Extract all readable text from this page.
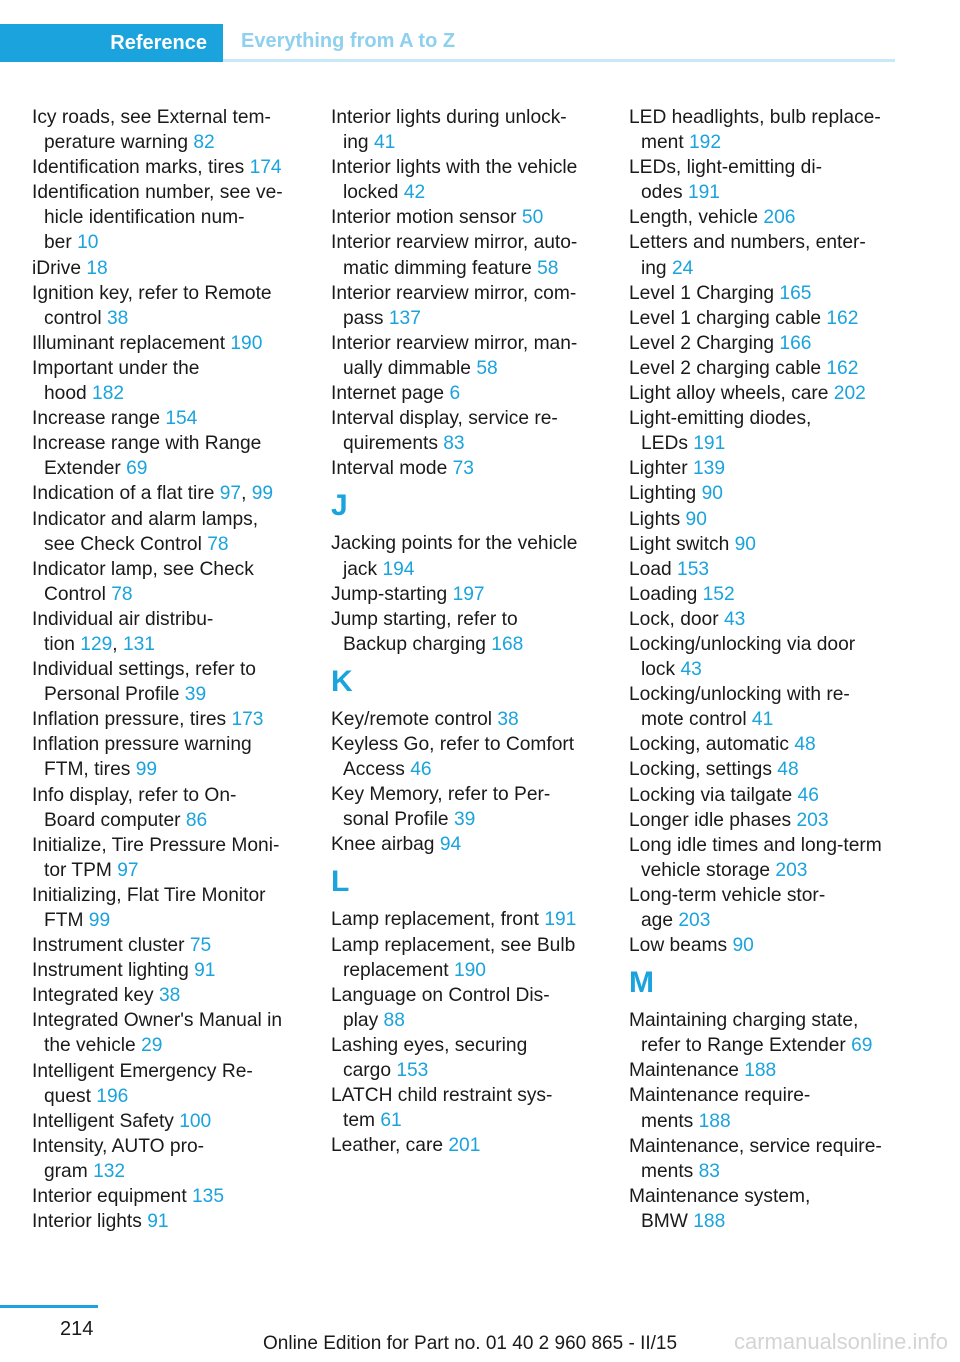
Reference	Everything from A to Z
Icy roads, see External tem-
perature warning 82
Identification marks, tires 174
Identification number, see ve-
hicle identification num-
ber 10
iDrive 18
Ignition key, refer to Remote
control 38
Illuminant replacement 190
Important under the
hood 182
Increase range 154
Increase range with Range
Extender 69
Indication of a flat tire 97, 99
Indicator and alarm lamps,
see Check Control 78
Indicator lamp, see Check
Control 78
Individual air distribu-
tion 129, 131
Individual settings, refer to
Personal Profile 39
Inflation pressure, tires 173
Inflation pressure warning
FTM, tires 99
Info display, refer to On-
Board computer 86
Initialize, Tire Pressure Moni-
tor TPM 97
Initializing, Flat Tire Monitor
FTM 99
Instrument cluster 75
Instrument lighting 91
Integrated key 38
Integrated Owner's Manual in
the vehicle 29
Intelligent Emergency Re-
quest 196
Intelligent Safety 100
Intensity, AUTO pro-
gram 132
Interior equipment 135
Interior lights 91
Interior lights during unlock-
ing 41
Interior lights with the vehicle
locked 42
Interior motion sensor 50
Interior rearview mirror, auto-
matic dimming feature 58
Interior rearview mirror, com-
pass 137
Interior rearview mirror, man-
ually dimmable 58
Internet page 6
Interval display, service re-
quirements 83
Interval mode 73
J
Jacking points for the vehicle
jack 194
Jump-starting 197
Jump starting, refer to
Backup charging 168
K
Key/remote control 38
Keyless Go, refer to Comfort
Access 46
Key Memory, refer to Per-
sonal Profile 39
Knee airbag 94
L
Lamp replacement, front 191
Lamp replacement, see Bulb
replacement 190
Language on Control Dis-
play 88
Lashing eyes, securing
cargo 153
LATCH child restraint sys-
tem 61
Leather, care 201
LED headlights, bulb replace-
ment 192
LEDs, light-emitting di-
odes 191
Length, vehicle 206
Letters and numbers, enter-
ing 24
Level 1 Charging 165
Level 1 charging cable 162
Level 2 Charging 166
Level 2 charging cable 162
Light alloy wheels, care 202
Light-emitting diodes,
LEDs 191
Lighter 139
Lighting 90
Lights 90
Light switch 90
Load 153
Loading 152
Lock, door 43
Locking/unlocking via door
lock 43
Locking/unlocking with re-
mote control 41
Locking, automatic 48
Locking, settings 48
Locking via tailgate 46
Longer idle phases 203
Long idle times and long-term
vehicle storage 203
Long-term vehicle stor-
age 203
Low beams 90
M
Maintaining charging state,
refer to Range Extender 69
Maintenance 188
Maintenance require-
ments 188
Maintenance, service require-
ments 83
Maintenance system,
BMW 188
214
Online Edition for Part no. 01 40 2 960 865 - II/15	carmanualsonline.info
